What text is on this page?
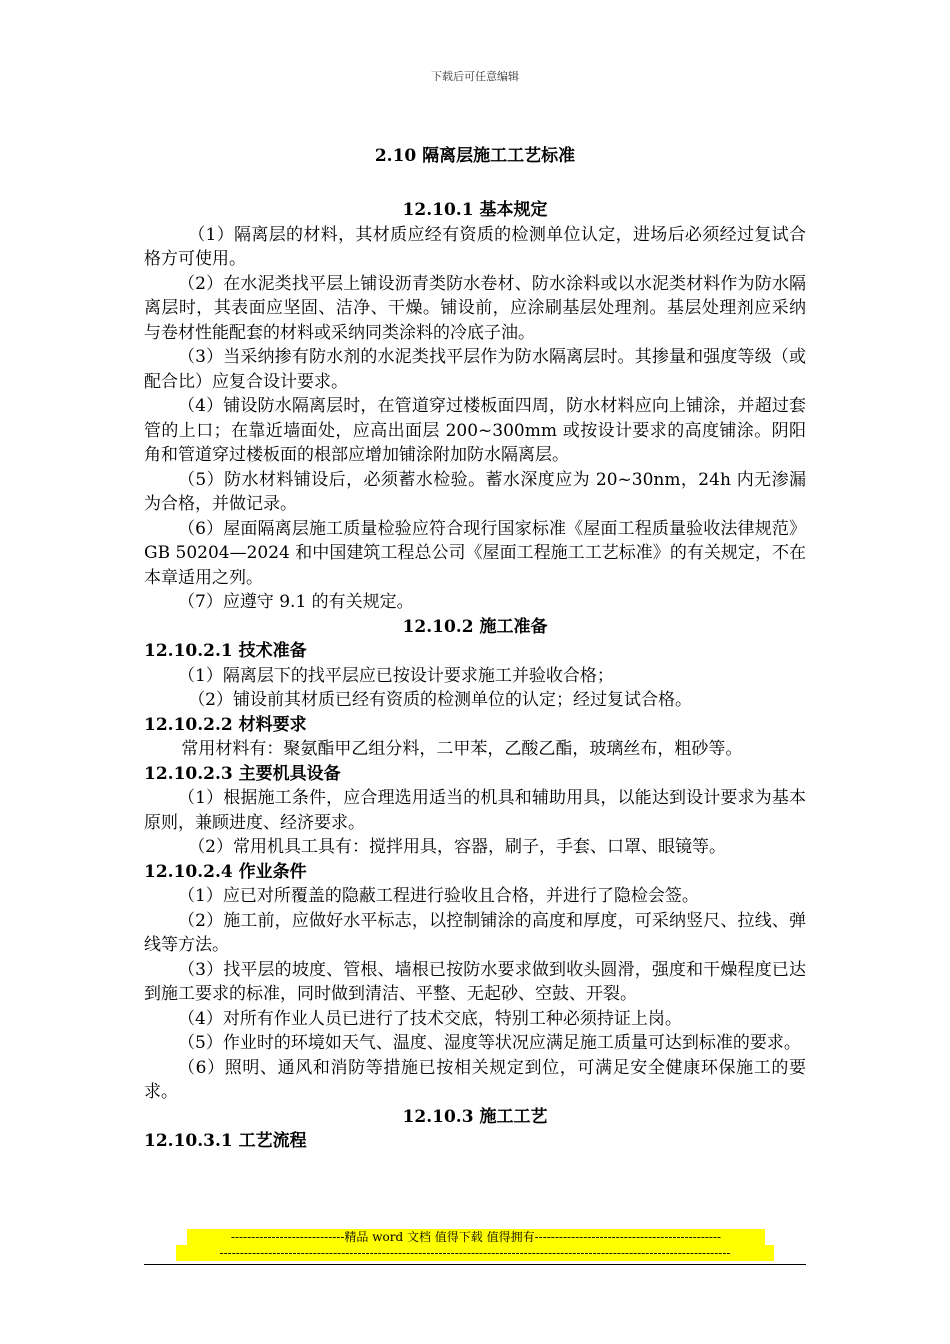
下载后可任意编辑
2.10 隔离层施工工艺标准
12.10.1 基本规定

（1）隔离层的材料，其材质应经有资质的检测单位认定，进场后必须经过复试合格方可使用。

（2）在水泥类找平层上铺设沥青类防水卷材、防水涂料或以水泥类材料作为防水隔离层时，其表面应坚固、洁净、干燥。铺设前，应涂刷基层处理剂。基层处理剂应采纳与卷材性能配套的材料或采纳同类涂料的冷底子油。

（3）当采纳掺有防水剂的水泥类找平层作为防水隔离层时。其掺量和强度等级（或配合比）应复合设计要求。

（4）铺设防水隔离层时，在管道穿过楼板面四周，防水材料应向上铺涂，并超过套管的上口；在靠近墙面处，应高出面层 200~300mm 或按设计要求的高度铺涂。阴阳角和管道穿过楼板面的根部应增加铺涂附加防水隔离层。

（5）防水材料铺设后，必须蓄水检验。蓄水深度应为 20~30nm，24h 内无渗漏为合格，并做记录。

（6）屋面隔离层施工质量检验应符合现行国家标准《屋面工程质量验收法律规范》GB 50204—2024 和中国建筑工程总公司《屋面工程施工工艺标准》的有关规定，不在本章适用之列。

（7）应遵守 9.1 的有关规定。

12.10.2 施工准备
12.10.2.1 技术准备

（1）隔离层下的找平层应已按设计要求施工并验收合格；

（2）铺设前其材质已经有资质的检测单位的认定；经过复试合格。

12.10.2.2 材料要求

常用材料有：聚氨酯甲乙组分料，二甲苯，乙酸乙酯，玻璃丝布，粗砂等。

12.10.2.3 主要机具设备

（1）根据施工条件，应合理选用适当的机具和辅助用具，以能达到设计要求为基本原则，兼顾进度、经济要求。

（2）常用机具工具有：搅拌用具，容器，刷子，手套、口罩、眼镜等。

12.10.2.4 作业条件

（1）应已对所覆盖的隐蔽工程进行验收且合格，并进行了隐检会签。

（2）施工前，应做好水平标志，以控制铺涂的高度和厚度，可采纳竖尺、拉线、弹线等方法。

（3）找平层的坡度、管根、墙根已按防水要求做到收头圆滑，强度和干燥程度已达到施工要求的标准，同时做到清洁、平整、无起砂、空鼓、开裂。

（4）对所有作业人员已进行了技术交底，特别工种必须持证上岗。

（5）作业时的环境如天气、温度、湿度等状况应满足施工质量可达到标准的要求。

（6）照明、通风和消防等措施已按相关规定到位，可满足安全健康环保施工的要求。

12.10.3 施工工艺
12.10.3.1 工艺流程
----------------------------精品 word 文档 值得下载 值得拥有----------------------------------------------
------------------------------------------------------------------------------------------------------------------------------
